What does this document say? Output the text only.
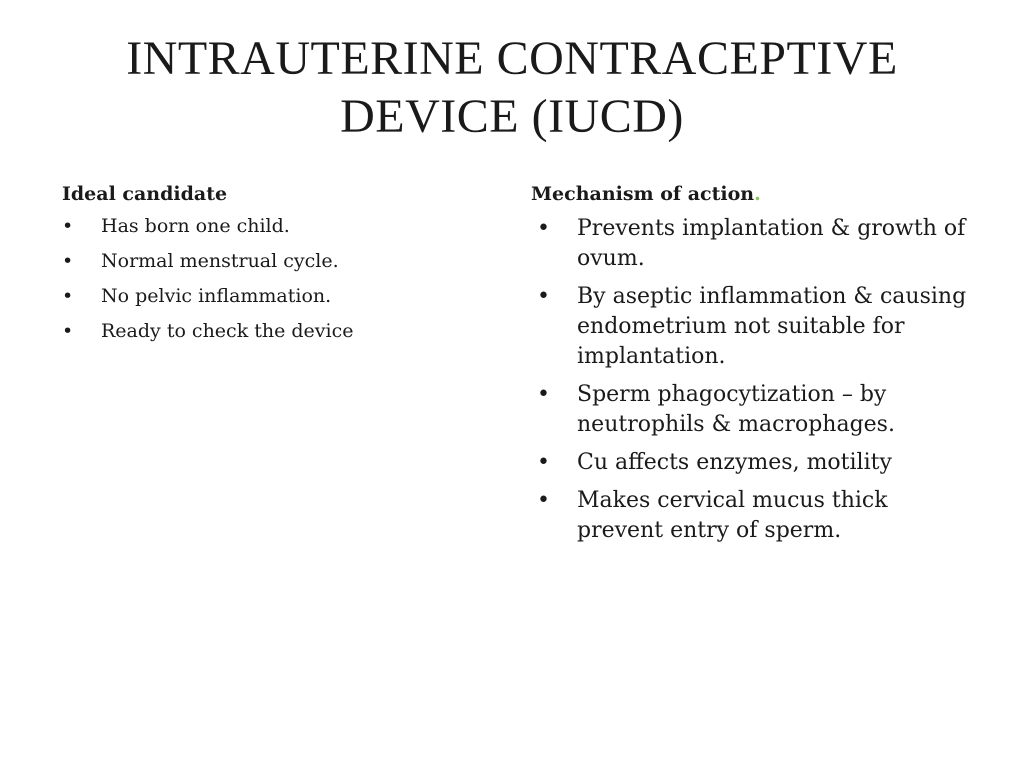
INTRAUTERINE CONTRACEPTIVE
DEVICE (IUCD)

Ideal candidate

• Has born one child.
• Normal menstrual cycle.
• No pelvic inflammation.
• Ready to check the device

Mechanism of action.

• Prevents implantation & growth of ovum.
• By aseptic inflammation & causing endometrium not suitable for implantation.
• Sperm phagocytization – by neutrophils & macrophages.
• Cu affects enzymes, motility
• Makes cervical mucus thick prevent entry of sperm.
